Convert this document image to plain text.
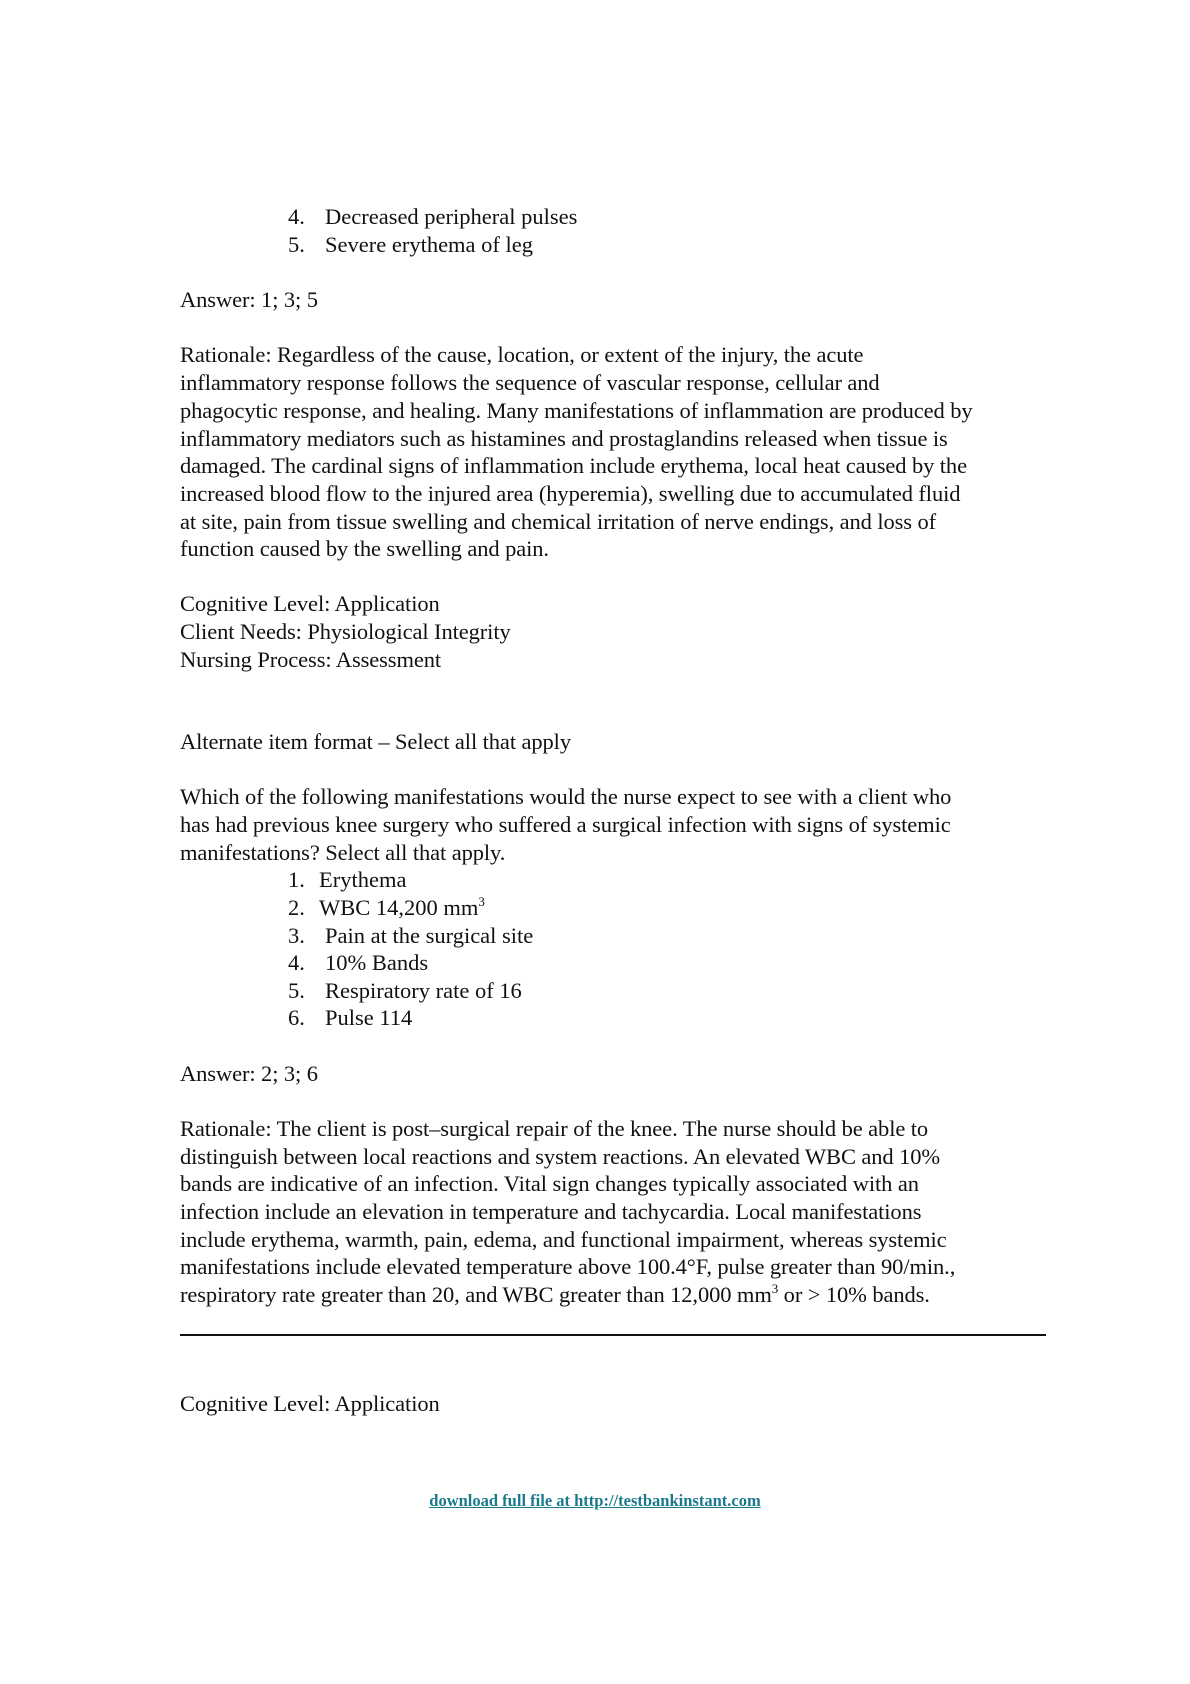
4. Decreased peripheral pulses
5. Severe erythema of leg
Answer: 1; 3; 5
Rationale: Regardless of the cause, location, or extent of the injury, the acute
inflammatory response follows the sequence of vascular response, cellular and
phagocytic response, and healing. Many manifestations of inflammation are produced by
inflammatory mediators such as histamines and prostaglandins released when tissue is
damaged. The cardinal signs of inflammation include erythema, local heat caused by the
increased blood flow to the injured area (hyperemia), swelling due to accumulated fluid
at site, pain from tissue swelling and chemical irritation of nerve endings, and loss of
function caused by the swelling and pain.
Cognitive Level: Application
Client Needs: Physiological Integrity
Nursing Process: Assessment
Alternate item format – Select all that apply
Which of the following manifestations would the nurse expect to see with a client who
has had previous knee surgery who suffered a surgical infection with signs of systemic
manifestations? Select all that apply.
1. Erythema
2. WBC 14,200 $mm^3$
3. Pain at the surgical site
4. 10% Bands
5. Respiratory rate of 16
6. Pulse 114
Answer: 2; 3; 6
Rationale: The client is post–surgical repair of the knee. The nurse should be able to
distinguish between local reactions and system reactions. An elevated WBC and 10%
bands are indicative of an infection. Vital sign changes typically associated with an
infection include an elevation in temperature and tachycardia. Local manifestations
include erythema, warmth, pain, edema, and functional impairment, whereas systemic
manifestations include elevated temperature above 100.4°F, pulse greater than 90/min.,
respiratory rate greater than 20, and WBC greater than 12,000 $mm^3$ or > 10% bands.
Cognitive Level: Application
download full file at http://testbankinstant.com
